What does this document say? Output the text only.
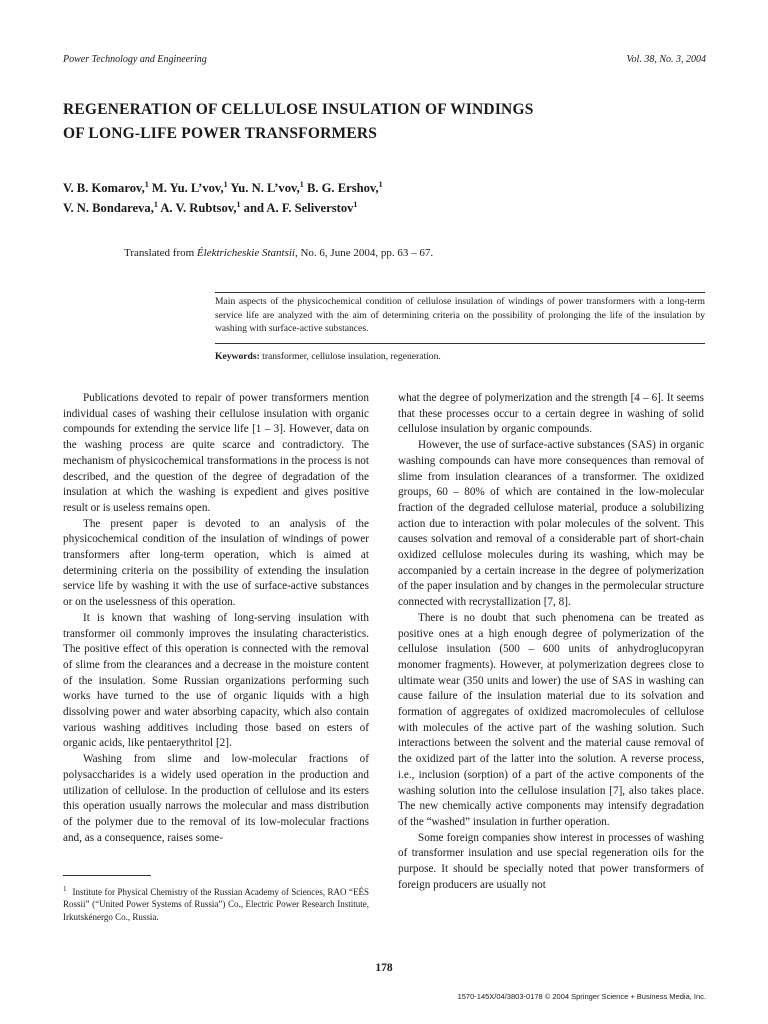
Power Technology and Engineering	Vol. 38, No. 3, 2004
REGENERATION OF CELLULOSE INSULATION OF WINDINGS
OF LONG-LIFE POWER TRANSFORMERS
V. B. Komarov,$^1$ M. Yu. L’vov,$^1$ Yu. N. L’vov,$^1$ B. G. Ershov,$^1$
V. N. Bondareva,$^1$ A. V. Rubtsov,$^1$ and A. F. Seliverstov$^1$
Translated from Élektricheskie Stantsii, No. 6, June 2004, pp. 63 – 67.
Main aspects of the physicochemical condition of cellulose insulation of windings of power transformers with a long-term service life are analyzed with the aim of determining criteria on the possibility of prolonging the life of the insulation by washing with surface-active substances.
Keywords: transformer, cellulose insulation, regeneration.

Publications devoted to repair of power transformers mention individual cases of washing their cellulose insulation with organic compounds for extending the service life [1 – 3]. However, data on the washing process are quite scarce and contradictory. The mechanism of physicochemical transformations in the process is not described, and the question of the degree of degradation of the insulation at which the washing is expedient and gives positive result or is useless remains open.

The present paper is devoted to an analysis of the physicochemical condition of the insulation of windings of power transformers after long-term operation, which is aimed at determining criteria on the possibility of extending the insulation service life by washing it with the use of surface-active substances or on the uselessness of this operation.

It is known that washing of long-serving insulation with transformer oil commonly improves the insulating characteristics. The positive effect of this operation is connected with the removal of slime from the clearances and a decrease in the moisture content of the insulation. Some Russian organizations performing such works have turned to the use of organic liquids with a high dissolving power and water absorbing capacity, which also contain various washing additives including those based on esters of organic acids, like pentaerythritol [2].

Washing from slime and low-molecular fractions of polysaccharides is a widely used operation in the production and utilization of cellulose. In the production of cellulose and its esters this operation usually narrows the molecular and mass distribution of the polymer due to the removal of its low-molecular fractions and, as a consequence, raises some-

what the degree of polymerization and the strength [4 – 6]. It seems that these processes occur to a certain degree in washing of solid cellulose insulation by organic compounds.

However, the use of surface-active substances (SAS) in organic washing compounds can have more consequences than removal of slime from insulation clearances of a transformer. The oxidized groups, 60 – 80% of which are contained in the low-molecular fraction of the degraded cellulose material, produce a solubilizing action due to interaction with polar molecules of the solvent. This causes solvation and removal of a considerable part of short-chain oxidized cellulose molecules during its washing, which may be accompanied by a certain increase in the degree of polymerization of the paper insulation and by changes in the permolecular structure connected with recrystallization [7, 8].

There is no doubt that such phenomena can be treated as positive ones at a high enough degree of polymerization of the cellulose insulation (500 – 600 units of anhydroglucopyran monomer fragments). However, at polymerization degrees close to ultimate wear (350 units and lower) the use of SAS in washing can cause failure of the insulation material due to its solvation and formation of aggregates of oxidized macromolecules of cellulose with molecules of the active part of the washing solution. Such interactions between the solvent and the material cause removal of the oxidized part of the latter into the solution. A reverse process, i.e., inclusion (sorption) of a part of the active components of the washing solution into the cellulose insulation [7], also takes place. The new chemically active components may intensify degradation of the “washed” insulation in further operation.

Some foreign companies show interest in processes of washing of transformer insulation and use special regeneration oils for the purpose. It should be specially noted that power transformers of foreign producers are usually not

$^1$ Institute for Physical Chemistry of the Russian Academy of Sciences, RAO “EÉS Rossii” (“United Power Systems of Russia”) Co., Electric Power Research Institute, Irkutskénergo Co., Russia.
178
1570-145X/04/3803-0178 © 2004 Springer Science + Business Media, Inc.
